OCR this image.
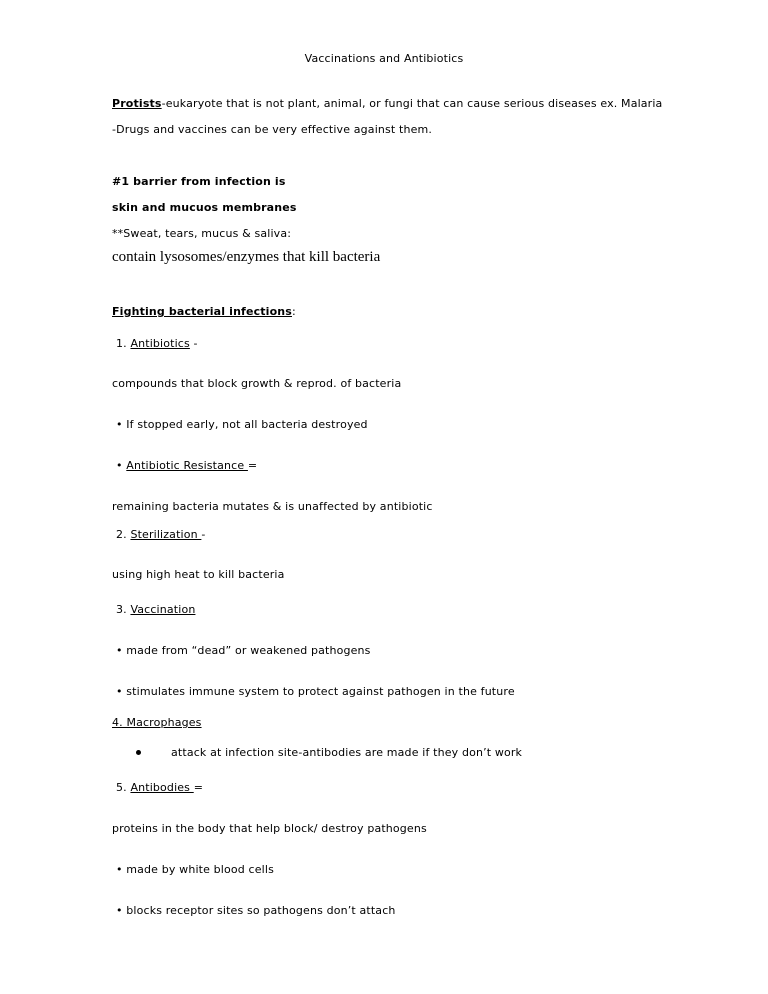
Vaccinations and Antibiotics
Protists-eukaryote that is not plant, animal, or fungi that can cause serious diseases ex. Malaria
-Drugs and vaccines can be very effective against them.
#1 barrier from infection is
skin and mucuos membranes
**Sweat, tears, mucus & saliva:
contain lysosomes/enzymes that kill bacteria
Fighting bacterial infections:
1. Antibiotics -
compounds that block growth & reprod. of bacteria
• If stopped early, not all bacteria destroyed
• Antibiotic Resistance =
remaining bacteria mutates & is unaffected by antibiotic
2. Sterilization -
using high heat to kill bacteria
3. Vaccination
• made from “dead” or weakened pathogens
• stimulates immune system to protect against pathogen in the future
4. Macrophages
attack at infection site-antibodies are made if they don’t work
5. Antibodies =
proteins in the body that help block/ destroy pathogens
• made by white blood cells
• blocks receptor sites so pathogens don’t attach
